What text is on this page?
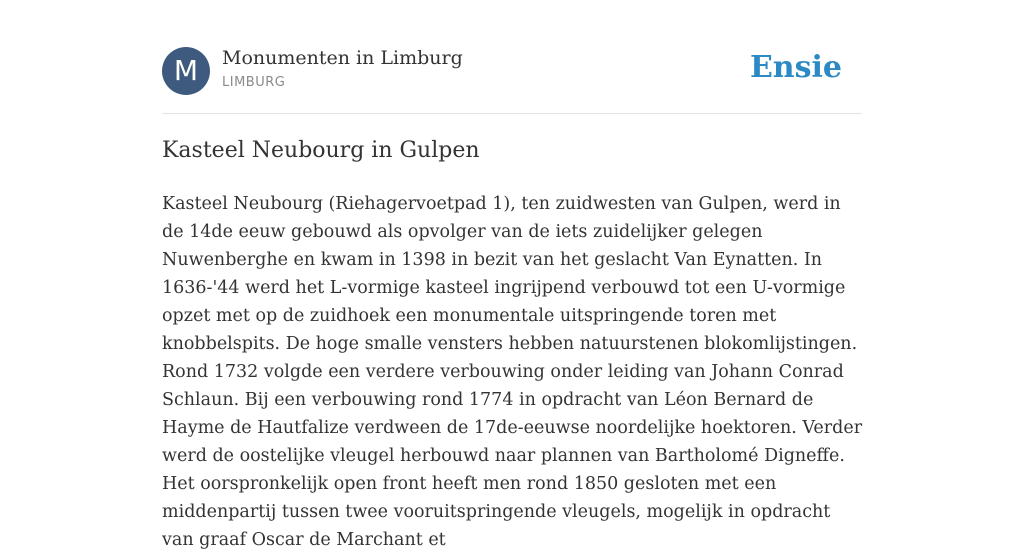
M	Monumenten in Limburg
LIMBURG	Ensie
Kasteel Neubourg in Gulpen

Kasteel Neubourg (Riehagervoetpad 1), ten zuidwesten van Gulpen, werd in de 14de eeuw gebouwd als opvolger van de iets zuidelijker gelegen Nuwenberghe en kwam in 1398 in bezit van het geslacht Van Eynatten. In 1636-'44 werd het L-vormige kasteel ingrijpend verbouwd tot een U-vormige opzet met op de zuidhoek een monumentale uitspringende toren met knobbelspits. De hoge smalle vensters hebben natuurstenen blokomlijstingen. Rond 1732 volgde een verdere verbouwing onder leiding van Johann Conrad Schlaun. Bij een verbouwing rond 1774 in opdracht van Léon Bernard de Hayme de Hautfalize verdween de 17de-eeuwse noordelijke hoektoren. Verder werd de oostelijke vleugel herbouwd naar plannen van Bartholomé Digneffe. Het oorspronkelijk open front heeft men rond 1850 gesloten met een middenpartij tussen twee vooruitspringende vleugels, mogelijk in opdracht van graaf Oscar de Marchant et
